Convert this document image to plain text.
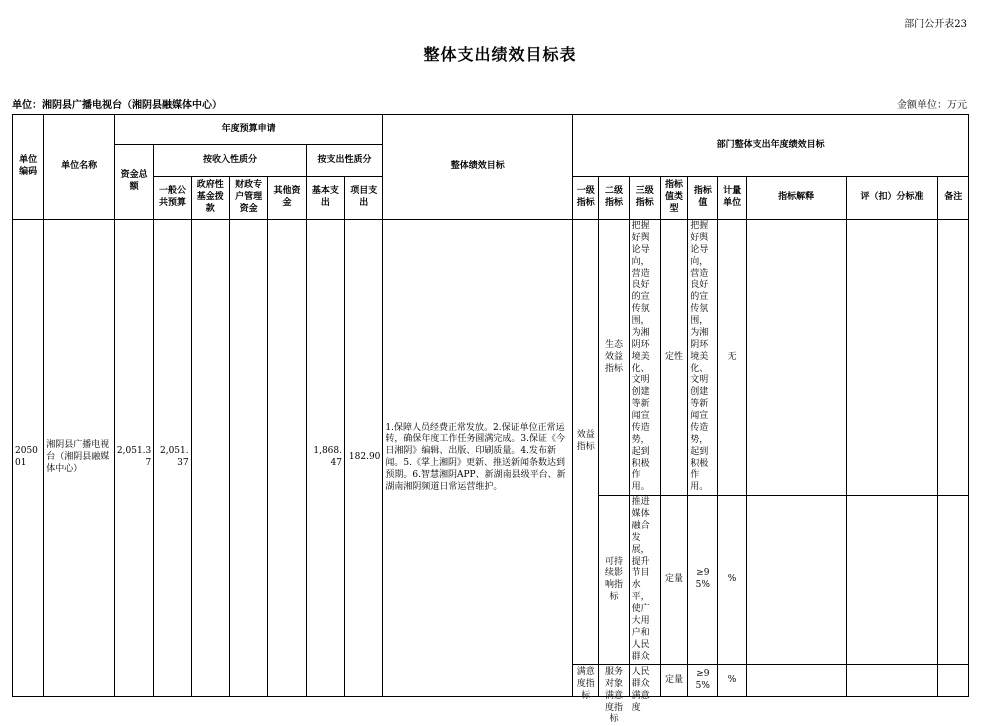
部门公开表23
整体支出绩效目标表
单位：湘阴县广播电视台（湘阴县融媒体中心）	金额单位：万元
单位编码	单位名称	年度预算申请							整体绩效目标	部门整体支出年度绩效目标								
		资金总额	按收入性质分				按支出性质分											
			一般公共预算	政府性基金拨款	财政专户管理资金	其他资金	基本支出	项目支出		一级指标	二级指标	三级指标	指标值类型	指标值	计量单位	指标解释	评（扣）分标准	备注
205001	湘阴县广播电视台（湘阴县融媒体中心）	2,051.37	2,051.37				1,868.47	182.90	1.保障人员经费正常发放。2.保证单位正常运转，确保年度工作任务圆满完成。3.保证《今日湘阴》编辑、出版、印刷质量。4.发布新闻。5.《掌上湘阴》更新、推送新闻条数达到预期。6.智慧湘阴APP、新湖南县级平台、新湖南湘阴频道日常运营维护。	效益指标	生态效益指标	把握好舆论导向，营造良好的宣传氛围，为湘阴环境美化、文明创建等新闻宣传造势，起到积极作用。	定性	把握好舆论导向，营造良好的宣传氛围，为湘阴环境美化、文明创建等新闻宣传造势，起到积极作用。	无			
											可持续影响指标	推进媒体融合发展，提升节目水平，使广大用户和人民群众	定量	≥95%	%			

										满意度指标	服务对象满意度指标	人民群众满意度	定量	≥95%	%			
